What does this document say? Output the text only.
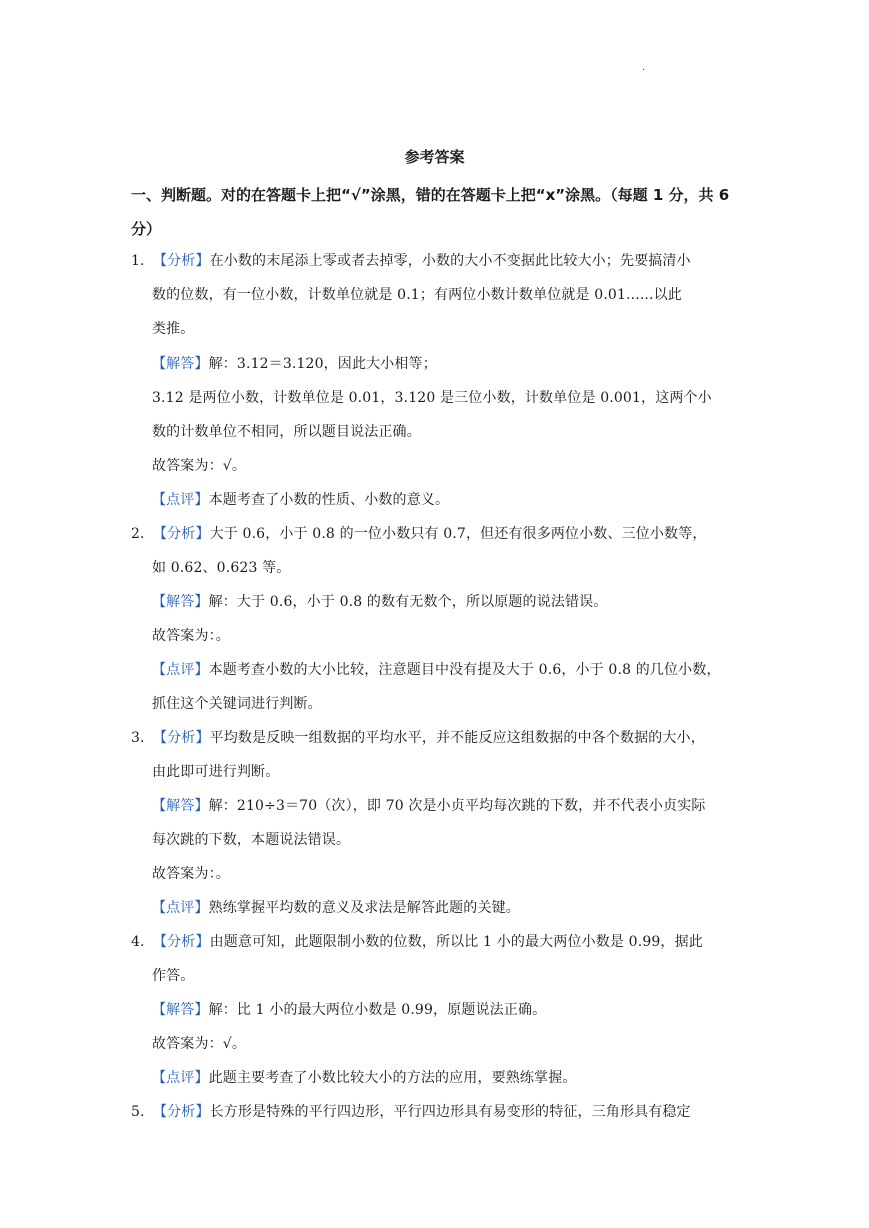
.
参考答案
一、判断题。对的在答题卡上把“√”涂黑，错的在答题卡上把“x”涂黑。（每题 1 分，共 6 分）
1. 【分析】在小数的末尾添上零或者去掉零，小数的大小不变据此比较大小；先要搞清小
数的位数，有一位小数，计数单位就是 0.1；有两位小数计数单位就是 0.01......以此
类推。
【解答】解：3.12＝3.120，因此大小相等；
3.12 是两位小数，计数单位是 0.01，3.120 是三位小数，计数单位是 0.001，这两个小
数的计数单位不相同，所以题目说法正确。
故答案为：√。
【点评】本题考查了小数的性质、小数的意义。
2. 【分析】大于 0.6，小于 0.8 的一位小数只有 0.7，但还有很多两位小数、三位小数等，
如 0.62、0.623 等。
【解答】解：大于 0.6，小于 0.8 的数有无数个，所以原题的说法错误。
故答案为：。
【点评】本题考查小数的大小比较，注意题目中没有提及大于 0.6，小于 0.8 的几位小数，
抓住这个关键词进行判断。
3. 【分析】平均数是反映一组数据的平均水平，并不能反应这组数据的中各个数据的大小，
由此即可进行判断。
【解答】解：210÷3＝70（次），即 70 次是小贞平均每次跳的下数，并不代表小贞实际
每次跳的下数，本题说法错误。
故答案为：。
【点评】熟练掌握平均数的意义及求法是解答此题的关键。
4. 【分析】由题意可知，此题限制小数的位数，所以比 1 小的最大两位小数是 0.99，据此
作答。
【解答】解：比 1 小的最大两位小数是 0.99，原题说法正确。
故答案为：√。
【点评】此题主要考查了小数比较大小的方法的应用，要熟练掌握。
5. 【分析】长方形是特殊的平行四边形，平行四边形具有易变形的特征，三角形具有稳定
